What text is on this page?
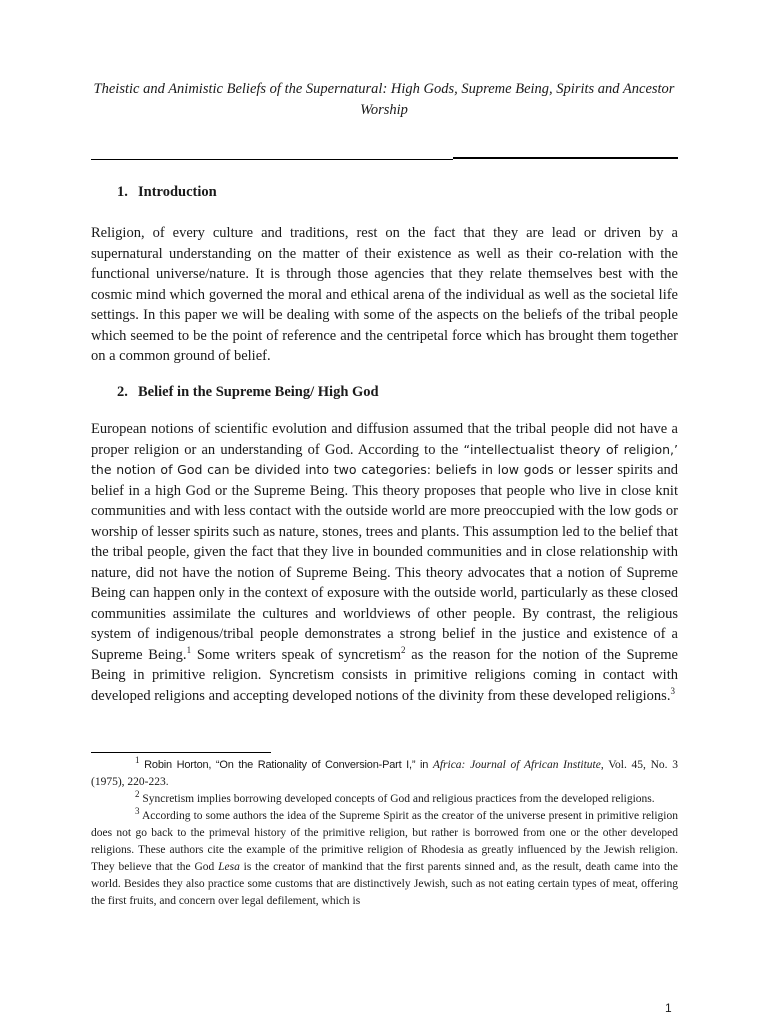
Theistic and Animistic Beliefs of the Supernatural: High Gods, Supreme Being, Spirits and Ancestor Worship
1. Introduction

Religion, of every culture and traditions, rest on the fact that they are lead or driven by a supernatural understanding on the matter of their existence as well as their co-relation with the functional universe/nature. It is through those agencies that they relate themselves best with the cosmic mind which governed the moral and ethical arena of the individual as well as the societal life settings. In this paper we will be dealing with some of the aspects on the beliefs of the tribal people which seemed to be the point of reference and the centripetal force which has brought them together on a common ground of belief.

2. Belief in the Supreme Being/ High God

European notions of scientific evolution and diffusion assumed that the tribal people did not have a proper religion or an understanding of God. According to the “intellectualist theory of religion,’ the notion of God can be divided into two categories: beliefs in low gods or lesser spirits and belief in a high God or the Supreme Being. This theory proposes that people who live in close knit communities and with less contact with the outside world are more preoccupied with the low gods or worship of lesser spirits such as nature, stones, trees and plants. This assumption led to the belief that the tribal people, given the fact that they live in bounded communities and in close relationship with nature, did not have the notion of Supreme Being. This theory advocates that a notion of Supreme Being can happen only in the context of exposure with the outside world, particularly as these closed communities assimilate the cultures and worldviews of other people. By contrast, the religious system of indigenous/tribal people demonstrates a strong belief in the justice and existence of a Supreme Being.$^1$ Some writers speak of syncretism$^2$ as the reason for the notion of the Supreme Being in primitive religion. Syncretism consists in primitive religions coming in contact with developed religions and accepting developed notions of the divinity from these developed religions.$^3$

$^1$ Robin Horton, “On the Rationality of Conversion-Part I,” in Africa: Journal of African Institute, Vol. 45, No. 3 (1975), 220-223.

$^2$ Syncretism implies borrowing developed concepts of God and religious practices from the developed religions.

$^3$ According to some authors the idea of the Supreme Spirit as the creator of the universe present in primitive religion does not go back to the primeval history of the primitive religion, but rather is borrowed from one or the other developed religions. These authors cite the example of the primitive religion of Rhodesia as greatly influenced by the Jewish religion. They believe that the God Lesa is the creator of mankind that the first parents sinned and, as the result, death came into the world. Besides they also practice some customs that are distinctively Jewish, such as not eating certain types of meat, offering the first fruits, and concern over legal defilement, which is

1
